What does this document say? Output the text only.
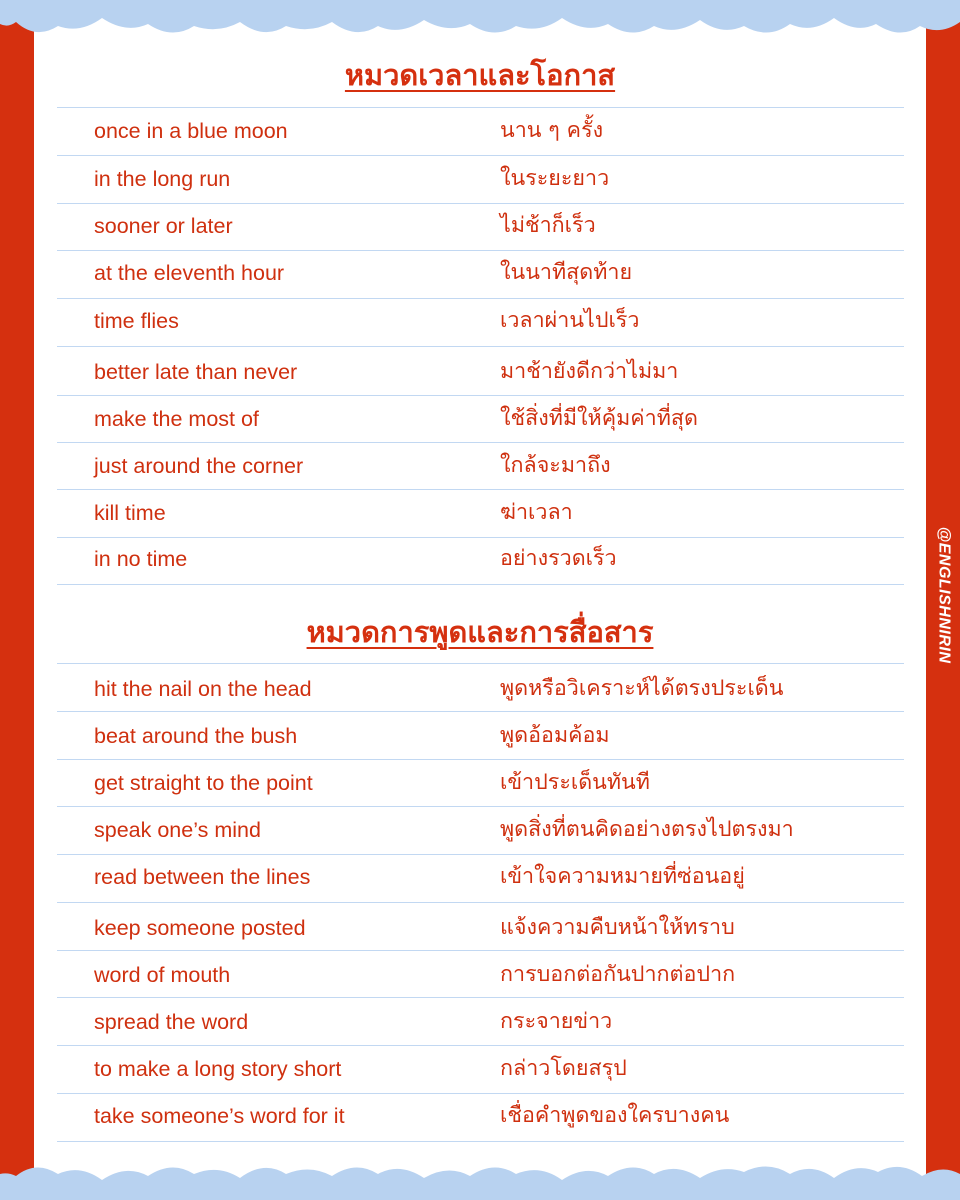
@ENGLISHNIRIN
หมวดเวลาและโอกาส
once in a blue moon	นาน ๆ ครั้ง
in the long run	ในระยะยาว
sooner or later	ไม่ช้าก็เร็ว
at the eleventh hour	ในนาทีสุดท้าย
time flies	เวลาผ่านไปเร็ว
better late than never	มาช้ายังดีกว่าไม่มา
make the most of	ใช้สิ่งที่มีให้คุ้มค่าที่สุด
just around the corner	ใกล้จะมาถึง
kill time	ฆ่าเวลา
in no time	อย่างรวดเร็ว
หมวดการพูดและการสื่อสาร
hit the nail on the head	พูดหรือวิเคราะห์ได้ตรงประเด็น
beat around the bush	พูดอ้อมค้อม
get straight to the point	เข้าประเด็นทันที
speak one’s mind	พูดสิ่งที่ตนคิดอย่างตรงไปตรงมา
read between the lines	เข้าใจความหมายที่ซ่อนอยู่
keep someone posted	แจ้งความคืบหน้าให้ทราบ
word of mouth	การบอกต่อกันปากต่อปาก
spread the word	กระจายข่าว
to make a long story short	กล่าวโดยสรุป
take someone’s word for it	เชื่อคำพูดของใครบางคน
